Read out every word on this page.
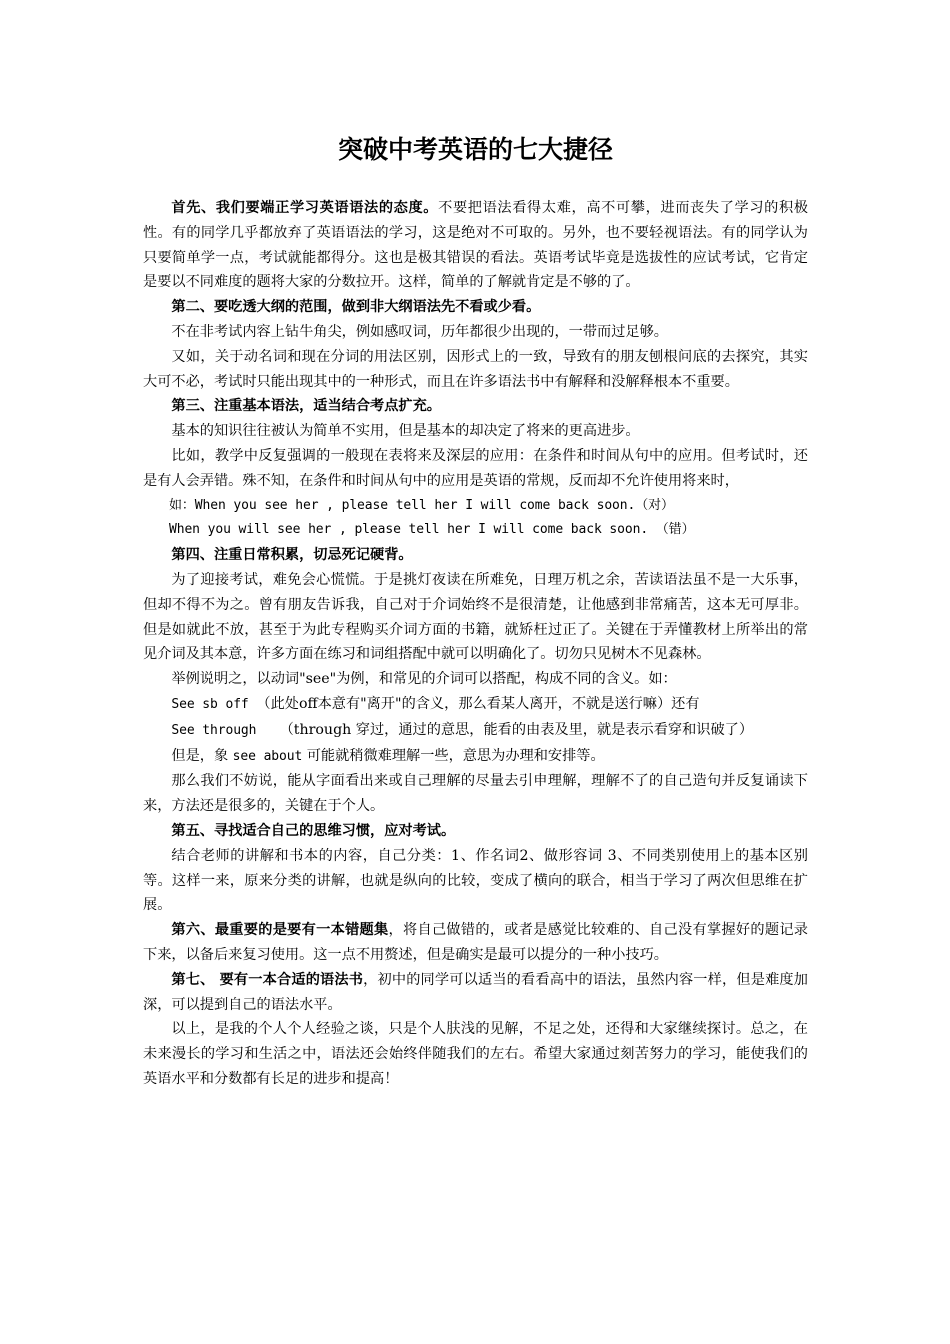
突破中考英语的七大捷径

首先、我们要端正学习英语语法的态度。不要把语法看得太难，高不可攀，进而丧失了学习的积极性。有的同学几乎都放弃了英语语法的学习，这是绝对不可取的。另外，也不要轻视语法。有的同学认为只要简单学一点，考试就能都得分。这也是极其错误的看法。英语考试毕竟是选拔性的应试考试，它肯定是要以不同难度的题将大家的分数拉开。这样，简单的了解就肯定是不够的了。

第二、要吃透大纲的范围，做到非大纲语法先不看或少看。

不在非考试内容上钻牛角尖，例如感叹词，历年都很少出现的，一带而过足够。

又如，关于动名词和现在分词的用法区别，因形式上的一致，导致有的朋友刨根问底的去探究，其实大可不必，考试时只能出现其中的一种形式，而且在许多语法书中有解释和没解释根本不重要。

第三、注重基本语法，适当结合考点扩充。

基本的知识往往被认为简单不实用，但是基本的却决定了将来的更高进步。

比如，教学中反复强调的一般现在表将来及深层的应用：在条件和时间从句中的应用。但考试时，还是有人会弄错。殊不知，在条件和时间从句中的应用是英语的常规，反而却不允许使用将来时，

如：When you see her , please tell her I will come back soon.（对）

When you will see her , please tell her I will come back soon. （错）

第四、注重日常积累，切忌死记硬背。

为了迎接考试，难免会心慌慌。于是挑灯夜读在所难免，日理万机之余，苦读语法虽不是一大乐事，但却不得不为之。曾有朋友告诉我，自己对于介词始终不是很清楚，让他感到非常痛苦，这本无可厚非。但是如就此不放，甚至于为此专程购买介词方面的书籍，就矫枉过正了。关键在于弄懂教材上所举出的常见介词及其本意，许多方面在练习和词组搭配中就可以明确化了。切勿只见树木不见森林。

举例说明之，以动词"see"为例，和常见的介词可以搭配，构成不同的含义。如：

See sb off （此处off本意有"离开"的含义，那么看某人离开，不就是送行嘛）还有

See through   （through 穿过，通过的意思，能看的由表及里，就是表示看穿和识破了）

但是，象 see about 可能就稍微难理解一些，意思为办理和安排等。

那么我们不妨说，能从字面看出来或自己理解的尽量去引申理解，理解不了的自己造句并反复诵读下来，方法还是很多的，关键在于个人。

第五、寻找适合自己的思维习惯，应对考试。

结合老师的讲解和书本的内容，自己分类：1、作名词2、做形容词 3、不同类别使用上的基本区别等。这样一来，原来分类的讲解，也就是纵向的比较，变成了横向的联合，相当于学习了两次但思维在扩展。

第六、最重要的是要有一本错题集，将自己做错的，或者是感觉比较难的、自己没有掌握好的题记录下来，以备后来复习使用。这一点不用赘述，但是确实是最可以提分的一种小技巧。

第七、 要有一本合适的语法书，初中的同学可以适当的看看高中的语法，虽然内容一样，但是难度加深，可以提到自己的语法水平。

以上，是我的个人个人经验之谈，只是个人肤浅的见解，不足之处，还得和大家继续探讨。总之，在未来漫长的学习和生活之中，语法还会始终伴随我们的左右。希望大家通过刻苦努力的学习，能使我们的英语水平和分数都有长足的进步和提高！
